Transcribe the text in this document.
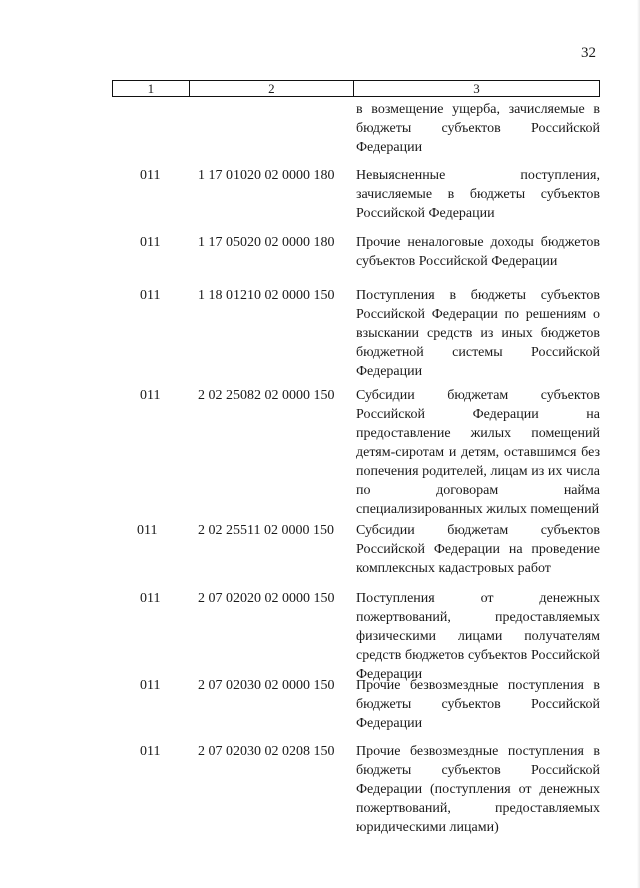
32
1	2	3
в возмещение ущерба, зачисляемые в бюджеты субъектов Российской Федерации
011	1 17 01020 02 0000 180	Невыясненные поступления, зачисляемые в бюджеты субъектов Российской Федерации
011	1 17 05020 02 0000 180	Прочие неналоговые доходы бюджетов субъектов Российской Федерации
011	1 18 01210 02 0000 150	Поступления в бюджеты субъектов Российской Федерации по решениям о взыскании средств из иных бюджетов бюджетной системы Российской Федерации
011	2 02 25082 02 0000 150	Субсидии бюджетам субъектов Российской Федерации на предоставление жилых помещений детям-сиротам и детям, оставшимся без попечения родителей, лицам из их числа по договорам найма специализированных жилых помещений
011	2 02 25511 02 0000 150	Субсидии бюджетам субъектов Российской Федерации на проведение комплексных кадастровых работ
011	2 07 02020 02 0000 150	Поступления от денежных пожертвований, предоставляемых физическими лицами получателям средств бюджетов субъектов Российской Федерации
011	2 07 02030 02 0000 150	Прочие безвозмездные поступления в бюджеты субъектов Российской Федерации
011	2 07 02030 02 0208 150	Прочие безвозмездные поступления в бюджеты субъектов Российской Федерации (поступления от денежных пожертвований, предоставляемых юридическими лицами)
